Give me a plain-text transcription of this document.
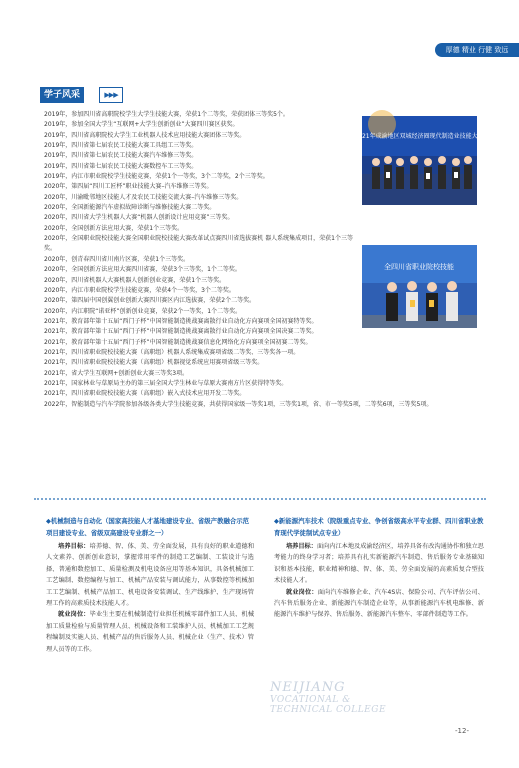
厚德 精业 行健 致远
学子风采	▶▶▶
2019年，参加四川省高职院校学生大学生技能大赛，荣获1个二等奖，荣获团体三等奖5个。
2019年，参加全国大学生“互联网+大学生创新创业”大赛四川赛区获奖。
2019年，四川省高职院校大学生工业机器人技术应用技能大赛团体三等奖。
2019年，四川省第七届农民工技能大赛工具组工三等奖。
2019年，四川省第七届农民工技能大赛汽车维修三等奖。
2019年，四川省第七届农民工技能大赛数控车工三等奖。
2019年，内江市职业院校学生技能竞赛，荣获1个一等奖，3个二等奖，2个三等奖。
2020年，第四届“四川工匠杯”职业技能大赛–汽车维修三等奖。
2020年，川渝毗邻地区技能人才及农民工技能交流大赛–汽车维修三等奖。
2020年，全国新能源汽车虚拟故障诊断与维修技能大赛二等奖。
2020年，四川省大学生机器人大赛“机器人创新设计应用竞赛”三等奖。
2020年，全国创新方法应用大赛，荣获1个三等奖。
2020年，全国职业院校技能大赛全国职业院校技能大赛改革试点赛四川省选拔赛机 器人系统集成项目，荣获1个三等奖。
2020年，创青春四川省川南片区赛，荣获1个三等奖。
2020年，全国创新方法应用大赛四川省赛，荣获3个三等奖，1个二等奖。
2020年，四川省机器人大赛机器人创新创业竞赛，荣获1个三等奖。
2020年，内江市职业院校学生技能竞赛，荣获4个一等奖，3个二等奖。
2020年，第四届中国创翼创业创新大赛四川赛区内江选拔赛，荣获2个二等奖。
2020年，内江职院“诺亚杯”创新创业竞赛，荣获2个一等奖，1个二等奖。
2021年，教育部年第十五届“西门子杯”中国智能制造挑战赛离散行业自动化方向赛项全国初赛特等奖。
2021年，教育部年第十五届“西门子杯”中国智能制造挑战赛离散行业自动化方向赛项全国决赛二等奖。
2021年，教育部年第十五届“西门子杯”中国智能制造挑战赛信息化网络化方向赛项全国初赛二等奖。
2021年，四川省职业院校技能大赛（高职组）机器人系统集成赛项省级二等奖、三等奖各一项。
2021年，四川省职业院校技能大赛（高职组）机器视觉系统应用赛项省级三等奖。
2021年，省大学生互联网+创新创业大赛三等奖3项。
2021年，国家林业与草原局主办的第三届全国大学生林业与草原大赛南方片区获得特等奖。
2021年，四川省职业院校技能大赛（高职组）嵌入式技术应用开发二等奖。
2022年，智能制造与汽车学院参加各级各类大学生技能竞赛，共获得国家级一等奖1项，三等奖1项，省、市一等奖5项，二等奖6项，三等奖5项。
2021年成渝地区双城经济圈现代制造业技能大赛
全四川省职业院校技能
◆机械制造与自动化（国家高技能人才基地建设专业、省级产教融合示范项目建设专业、省级双高建设专业群之一）

培养目标：培养德、智、体、美、劳全面发展，具有良好的职业道德和人文素养、创新创业意识，掌握常用零件的制造工艺编制、工装设计与选择、普通和数控加工、质量检测及机电设备应用等基本知识，具备机械加工工艺编制、数控编程与加工、机械产品安装与调试能力，从事数控等机械加工工艺编制、机械产品加工、机电设备安装调试、生产线维护、生产现场管理工作的高素质技术技能人才。

就业岗位：毕业生主要在机械制造行业担任机械零部件加工人员、机械加工质量检验与质量管理人员、机械设备和工装维护人员、机械加工工艺规程编制及实施人员、机械产品的售后服务人员、机械企业（生产、技术）管理人员等的工作。

◆新能源汽车技术（院级重点专业、争创省级高水平专业群、四川省职业教育现代学徒制试点专业）

培养目标：面向内江本地及成渝经济区，培养具备有改沟通协作和独立思考能力的终身学习者；培养具有扎实新能源汽车制造、售后服务专业基础知识和基本技能，职业精神和德、智、体、美、劳全面发展的高素质复合型技术技能人才。

就业岗位：面向汽车维修企业、汽车4S店、保险公司、汽车评估公司、汽车售后服务企业、新能源汽车制造企业等，从事新能源汽车机电维修、新能源汽车维护与保养、售后服务、新能源汽车整车、零部件制造等工作。

NEIJIANG
VOCATIONAL &
TECHNICAL COLLEGE
-12-
